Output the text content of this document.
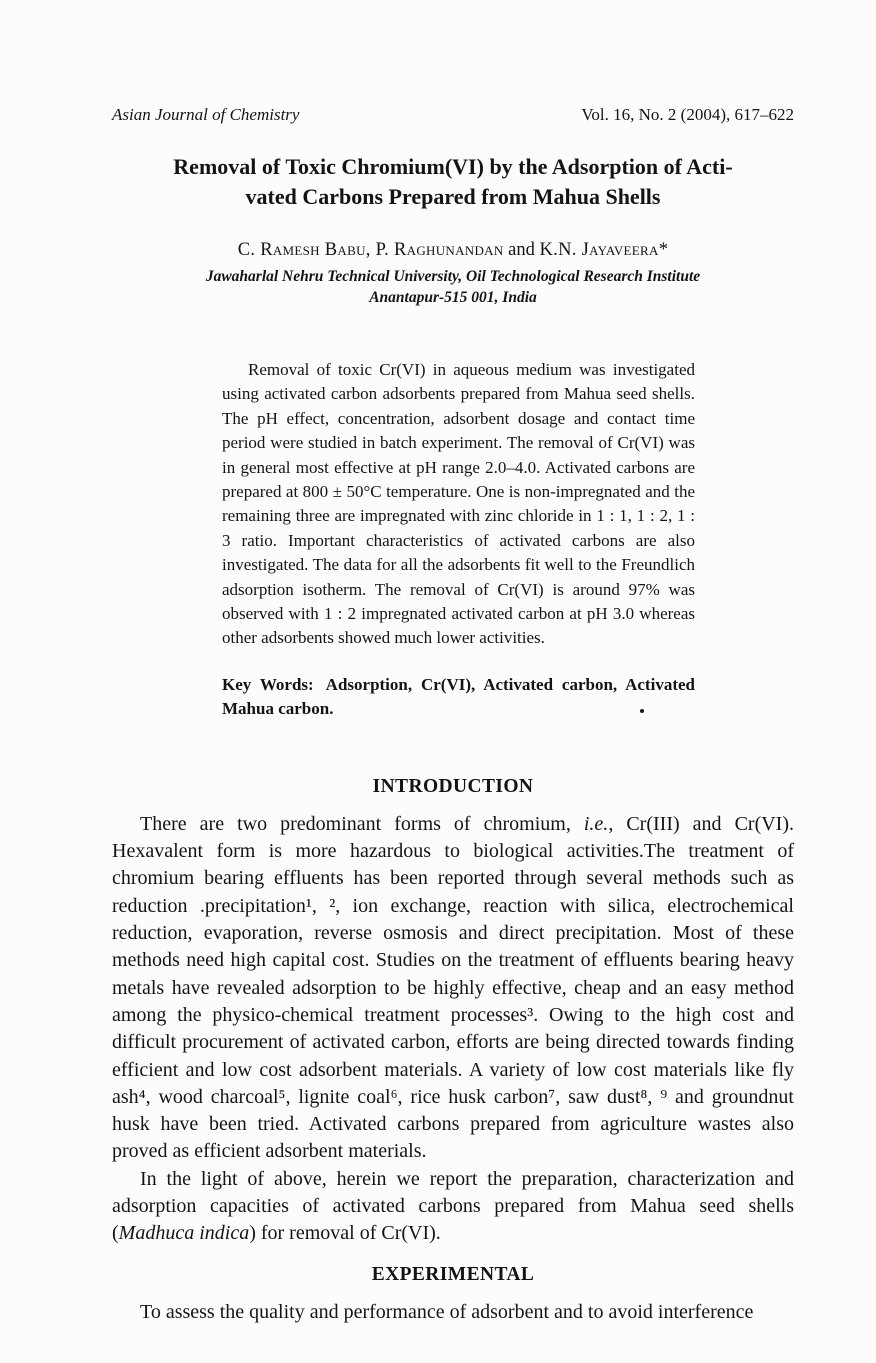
Asian Journal of Chemistry	Vol. 16, No. 2 (2004), 617–622
Removal of Toxic Chromium(VI) by the Adsorption of Acti-
vated Carbons Prepared from Mahua Shells

C. Ramesh Babu, P. Raghunandan and K.N. Jayaveera*

Jawaharlal Nehru Technical University, Oil Technological Research Institute
Anantapur-515 001, India

Removal of toxic Cr(VI) in aqueous medium was investigated using activated carbon adsorbents prepared from Mahua seed shells. The pH effect, concentration, adsorbent dosage and contact time period were studied in batch experiment. The removal of Cr(VI) was in general most effective at pH range 2.0–4.0. Activated carbons are prepared at 800 ± 50°C temperature. One is non-impregnated and the remaining three are impregnated with zinc chloride in 1 : 1, 1 : 2, 1 : 3 ratio. Important characteristics of activated carbons are also investigated. The data for all the adsorbents fit well to the Freundlich adsorption isotherm. The removal of Cr(VI) is around 97% was observed with 1 : 2 impregnated activated carbon at pH 3.0 whereas other adsorbents showed much lower activities.

Key Words: Adsorption, Cr(VI), Activated carbon, Activated Mahua carbon.

INTRODUCTION

There are two predominant forms of chromium, i.e., Cr(III) and Cr(VI). Hexavalent form is more hazardous to biological activities.The treatment of chromium bearing effluents has been reported through several methods such as reduction .precipitation¹, ², ion exchange, reaction with silica, electrochemical reduction, evaporation, reverse osmosis and direct precipitation. Most of these methods need high capital cost. Studies on the treatment of effluents bearing heavy metals have revealed adsorption to be highly effective, cheap and an easy method among the physico-chemical treatment processes³. Owing to the high cost and difficult procurement of activated carbon, efforts are being directed towards finding efficient and low cost adsorbent materials. A variety of low cost materials like fly ash⁴, wood charcoal⁵, lignite coal⁶, rice husk carbon⁷, saw dust⁸, ⁹ and groundnut husk have been tried. Activated carbons prepared from agriculture wastes also proved as efficient adsorbent materials.

In the light of above, herein we report the preparation, characterization and adsorption capacities of activated carbons prepared from Mahua seed shells (Madhuca indica) for removal of Cr(VI).

EXPERIMENTAL

To assess the quality and performance of adsorbent and to avoid interference
